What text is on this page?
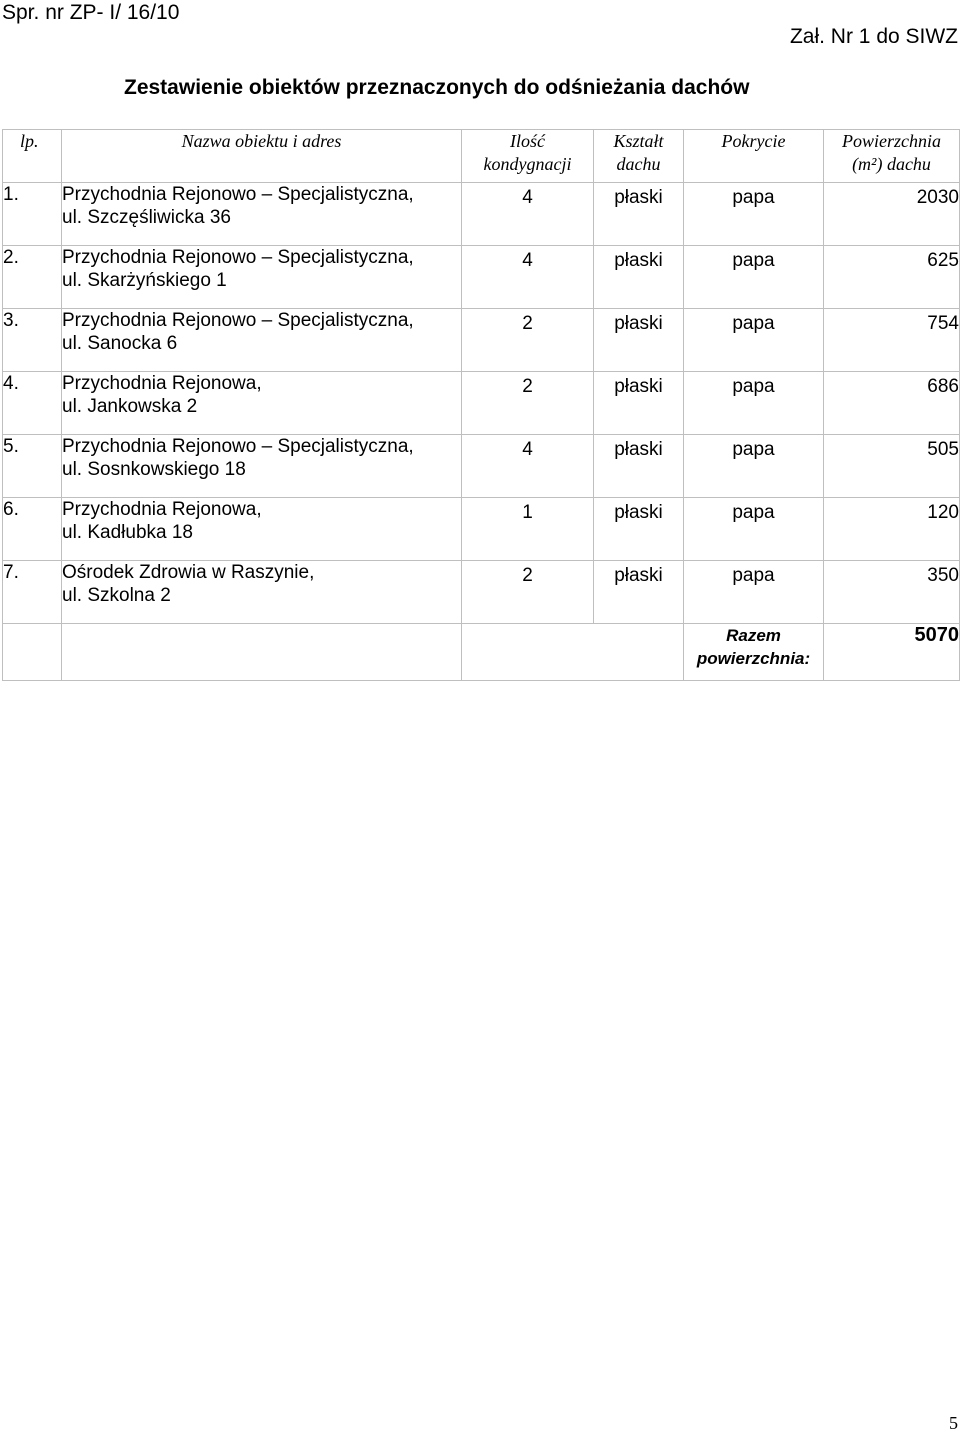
Spr. nr ZP- I/ 16/10
Zał. Nr 1 do SIWZ
Zestawienie obiektów przeznaczonych do odśnieżania dachów
lp.	Nazwa obiektu i adres	Ilość
kondygnacji	Kształt
dachu	Pokrycie	Powierzchnia
(m²) dachu
1.	Przychodnia Rejonowo – Specjalistyczna,
ul. Szczęśliwicka 36	4	płaski	papa	2030
2.	Przychodnia Rejonowo – Specjalistyczna,
ul. Skarżyńskiego 1	4	płaski	papa	625
3.	Przychodnia Rejonowo – Specjalistyczna,
ul. Sanocka 6	2	płaski	papa	754
4.	Przychodnia Rejonowa,
ul. Jankowska 2	2	płaski	papa	686
5.	Przychodnia Rejonowo – Specjalistyczna,
ul. Sosnkowskiego 18	4	płaski	papa	505
6.	Przychodnia Rejonowa,
ul. Kadłubka 18	1	płaski	papa	120
7.	Ośrodek Zdrowia w Raszynie,
ul. Szkolna 2	2	płaski	papa	350
				Razem
powierzchnia:	5070
5
